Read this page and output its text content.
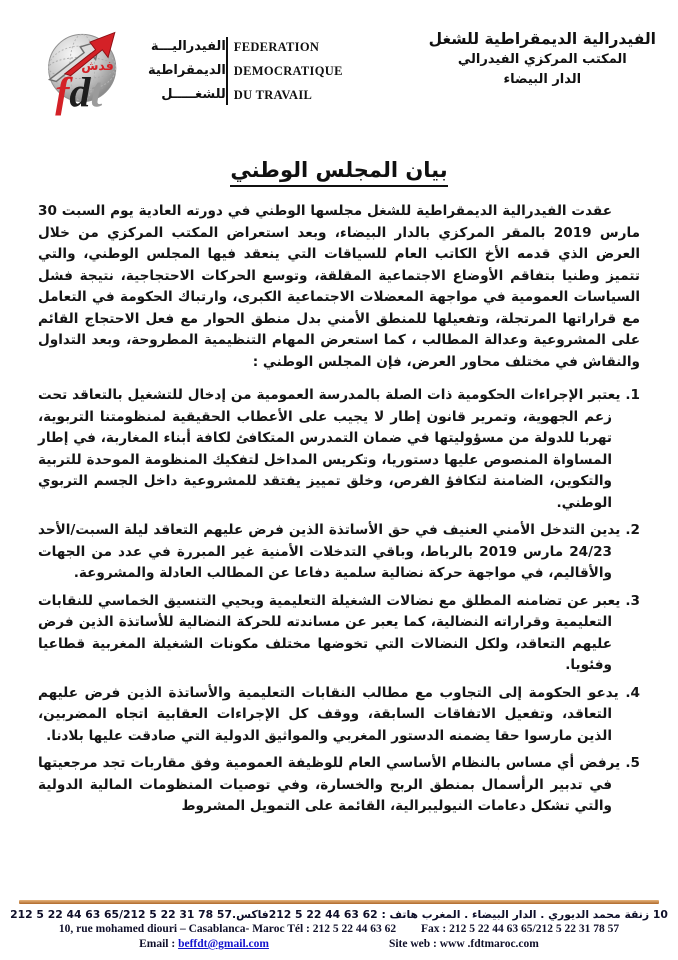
فدش
fdt
الفيدراليـــة
الديمقراطية
للشغـــــل
FEDERATION
DEMOCRATIQUE
DU TRAVAIL
الفيدرالية الديمقراطية للشغل
المكتب المركزي الفيدرالي
الدار البيضاء
بيان المجلس الوطني
عقدت الفيدرالية الديمقراطية للشغل مجلسها الوطني في دورته العادية يوم السبت 30 مارس 2019 بالمقر المركزي بالدار البيضاء، وبعد استعراض المكتب المركزي من خلال العرض الذي قدمه الأخ الكاتب العام للسياقات التي ينعقد فيها المجلس الوطني، والتي تتميز وطنيا بتفاقم الأوضاع الاجتماعية المقلقة، وتوسع الحركات الاحتجاجية، نتيجة فشل السياسات العمومية في مواجهة المعضلات الاجتماعية الكبرى، وارتباك الحكومة في التعامل مع قراراتها المرتجلة، وتفعيلها للمنطق الأمني بدل منطق الحوار مع فعل الاحتجاج القائم على المشروعية وعدالة المطالب ، كما استعرض المهام التنظيمية المطروحة، وبعد التداول والنقاش في مختلف محاور العرض، فإن المجلس الوطني :
1. يعتبر الإجراءات الحكومية ذات الصلة بالمدرسة العمومية من إدخال للتشغيل بالتعاقد تحت زعم الجهوية، وتمرير قانون إطار لا يجيب على الأعطاب الحقيقية لمنظومتنا التربوية، تهربا للدولة من مسؤوليتها في ضمان التمدرس المتكافئ لكافة أبناء المغاربة، في إطار المساواة المنصوص عليها دستوريا، وتكريس المداخل لتفكيك المنظومة الموحدة للتربية والتكوين، الضامنة لتكافؤ الفرص، وخلق تمييز يفتقد للمشروعية داخل الجسم التربوي الوطني.
2. يدين التدخل الأمني العنيف في حق الأساتذة الذين فرض عليهم التعاقد ليلة السبت/الأحد 24/23 مارس 2019 بالرباط، وباقي التدخلات الأمنية غير المبررة في عدد من الجهات والأقاليم، في مواجهة حركة نضالية سلمية دفاعا عن المطالب العادلة والمشروعة.
3. يعبر عن تضامنه المطلق مع نضالات الشغيلة التعليمية ويحيي التنسيق الخماسي للنقابات التعليمية وقراراته النضالية، كما يعبر عن مساندته للحركة النضالية للأساتذة الذين فرض عليهم التعاقد، ولكل النضالات التي تخوضها مختلف مكونات الشغيلة المغربية قطاعيا وفئويا.
4. يدعو الحكومة إلى التجاوب مع مطالب النقابات التعليمية والأساتذة الذين فرض عليهم التعاقد، وتفعيل الاتفاقات السابقة، ووقف كل الإجراءات العقابية اتجاه المضربين، الذين مارسوا حقا يضمنه الدستور المغربي والمواثيق الدولية التي صادقت عليها بلادنا.
5. يرفض أي مساس بالنظام الأساسي العام للوظيفة العمومية وفق مقاربات تجد مرجعيتها في تدبير الرأسمال بمنطق الربح والخسارة، وفي توصيات المنظومات المالية الدولية والتي تشكل دعامات النيوليبرالية، القائمة على التمويل المشروط
10 زنقة محمد الديوري . الدار البيضاء . المغرب هاتف : 212 5 22 44 63 62فاكس.212 5 22 44 63 65/212 5 22 31 78 57
10, rue mohamed diouri – Casablanca- Maroc Tél : 212 5 22 44 63 62 Fax : 212 5 22 44 63 65/212 5 22 31 78 57
Email : beffdt@gmail.com	Site web : www .fdtmaroc.com
